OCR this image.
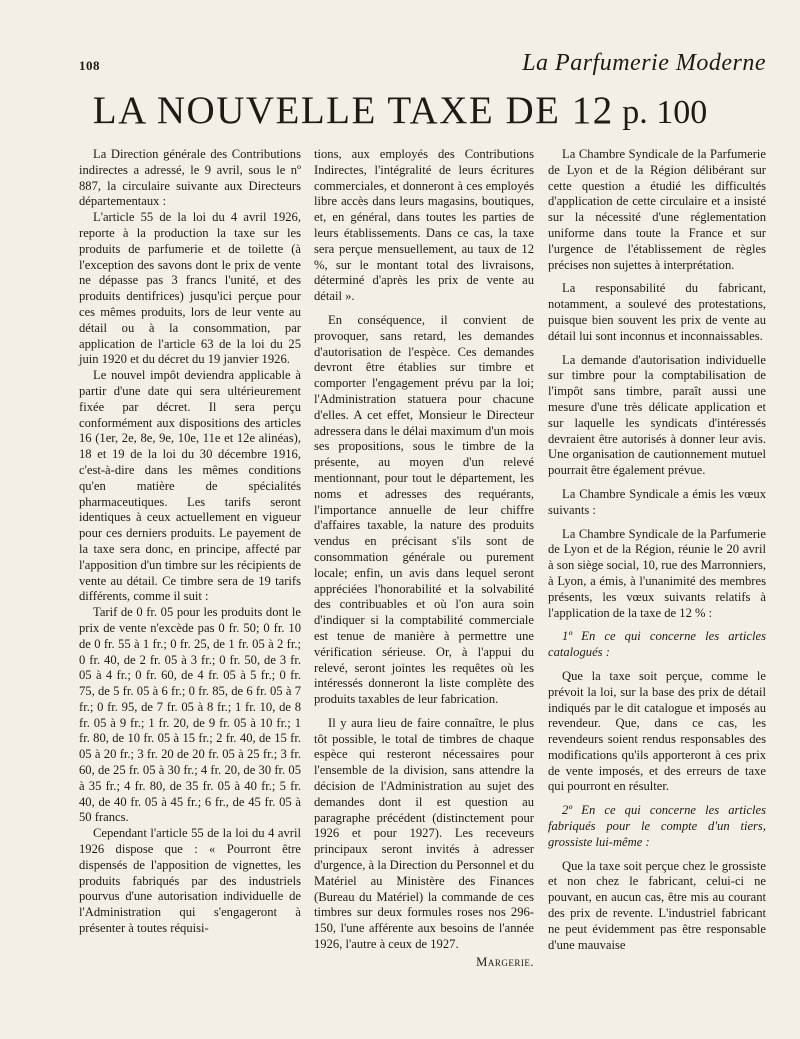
108	La Parfumerie Moderne
LA NOUVELLE TAXE DE 12 p. 100

La Direction générale des Contributions indirectes a adressé, le 9 avril, sous le nº 887, la circulaire suivante aux Directeurs départementaux :

L'article 55 de la loi du 4 avril 1926, reporte à la production la taxe sur les produits de parfumerie et de toilette (à l'exception des savons dont le prix de vente ne dépasse pas 3 francs l'unité, et des produits dentifrices) jusqu'ici perçue pour ces mêmes produits, lors de leur vente au détail ou à la consommation, par application de l'article 63 de la loi du 25 juin 1920 et du décret du 19 janvier 1926.

Le nouvel impôt deviendra applicable à partir d'une date qui sera ultérieurement fixée par décret. Il sera perçu conformément aux dispositions des articles 16 (1er, 2e, 8e, 9e, 10e, 11e et 12e alinéas), 18 et 19 de la loi du 30 décembre 1916, c'est-à-dire dans les mêmes conditions qu'en matière de spécialités pharmaceutiques. Les tarifs seront identiques à ceux actuellement en vigueur pour ces derniers produits. Le payement de la taxe sera donc, en principe, affecté par l'apposition d'un timbre sur les récipients de vente au détail. Ce timbre sera de 19 tarifs différents, comme il suit :

Tarif de 0 fr. 05 pour les produits dont le prix de vente n'excède pas 0 fr. 50; 0 fr. 10 de 0 fr. 55 à 1 fr.; 0 fr. 25, de 1 fr. 05 à 2 fr.; 0 fr. 40, de 2 fr. 05 à 3 fr.; 0 fr. 50, de 3 fr. 05 à 4 fr.; 0 fr. 60, de 4 fr. 05 à 5 fr.; 0 fr. 75, de 5 fr. 05 à 6 fr.; 0 fr. 85, de 6 fr. 05 à 7 fr.; 0 fr. 95, de 7 fr. 05 à 8 fr.; 1 fr. 10, de 8 fr. 05 à 9 fr.; 1 fr. 20, de 9 fr. 05 à 10 fr.; 1 fr. 80, de 10 fr. 05 à 15 fr.; 2 fr. 40, de 15 fr. 05 à 20 fr.; 3 fr. 20 de 20 fr. 05 à 25 fr.; 3 fr. 60, de 25 fr. 05 à 30 fr.; 4 fr. 20, de 30 fr. 05 à 35 fr.; 4 fr. 80, de 35 fr. 05 à 40 fr.; 5 fr. 40, de 40 fr. 05 à 45 fr.; 6 fr., de 45 fr. 05 à 50 francs.

Cependant l'article 55 de la loi du 4 avril 1926 dispose que : « Pourront être dispensés de l'apposition de vignettes, les produits fabriqués par des industriels pourvus d'une autorisation individuelle de l'Administration qui s'engageront à présenter à toutes réquisi-

tions, aux employés des Contributions Indirectes, l'intégralité de leurs écritures commerciales, et donneront à ces employés libre accès dans leurs magasins, boutiques, et, en général, dans toutes les parties de leurs établissements. Dans ce cas, la taxe sera perçue mensuellement, au taux de 12 %, sur le montant total des livraisons, déterminé d'après les prix de vente au détail ».

En conséquence, il convient de provoquer, sans retard, les demandes d'autorisation de l'espèce. Ces demandes devront être établies sur timbre et comporter l'engagement prévu par la loi; l'Administration statuera pour chacune d'elles. A cet effet, Monsieur le Directeur adressera dans le délai maximum d'un mois ses propositions, sous le timbre de la présente, au moyen d'un relevé mentionnant, pour tout le département, les noms et adresses des requérants, l'importance annuelle de leur chiffre d'affaires taxable, la nature des produits vendus en précisant s'ils sont de consommation générale ou purement locale; enfin, un avis dans lequel seront appréciées l'honorabilité et la solvabilité des contribuables et où l'on aura soin d'indiquer si la comptabilité commerciale est tenue de manière à permettre une vérification sérieuse. Or, à l'appui du relevé, seront jointes les requêtes où les intéressés donneront la liste complète des produits taxables de leur fabrication.

Il y aura lieu de faire connaître, le plus tôt possible, le total de timbres de chaque espèce qui resteront nécessaires pour l'ensemble de la division, sans attendre la décision de l'Administration au sujet des demandes dont il est question au paragraphe précédent (distinctement pour 1926 et pour 1927). Les receveurs principaux seront invités à adresser d'urgence, à la Direction du Personnel et du Matériel au Ministère des Finances (Bureau du Matériel) la commande de ces timbres sur deux formules roses nos 296-150, l'une afférente aux besoins de l'année 1926, l'autre à ceux de 1927.

Margerie.

La Chambre Syndicale de la Parfumerie de Lyon et de la Région délibérant sur cette question a étudié les difficultés d'application de cette circulaire et a insisté sur la nécessité d'une réglementation uniforme dans toute la France et sur l'urgence de l'établissement de règles précises non sujettes à interprétation.

La responsabilité du fabricant, notamment, a soulevé des protestations, puisque bien souvent les prix de vente au détail lui sont inconnus et inconnaissables.

La demande d'autorisation individuelle sur timbre pour la comptabilisation de l'impôt sans timbre, paraît aussi une mesure d'une très délicate application et sur laquelle les syndicats d'intéressés devraient être autorisés à donner leur avis. Une organisation de cautionnement mutuel pourrait être également prévue.

La Chambre Syndicale a émis les vœux suivants :

La Chambre Syndicale de la Parfumerie de Lyon et de la Région, réunie le 20 avril à son siège social, 10, rue des Marronniers, à Lyon, a émis, à l'unanimité des membres présents, les vœux suivants relatifs à l'application de la taxe de 12 % :

1º En ce qui concerne les articles catalogués :

Que la taxe soit perçue, comme le prévoit la loi, sur la base des prix de détail indiqués par le dit catalogue et imposés au revendeur. Que, dans ce cas, les revendeurs soient rendus responsables des modifications qu'ils apporteront à ces prix de vente imposés, et des erreurs de taxe qui pourront en résulter.

2º En ce qui concerne les articles fabriqués pour le compte d'un tiers, grossiste lui-même :

Que la taxe soit perçue chez le grossiste et non chez le fabricant, celui-ci ne pouvant, en aucun cas, être mis au courant des prix de revente. L'industriel fabricant ne peut évidemment pas être responsable d'une mauvaise
